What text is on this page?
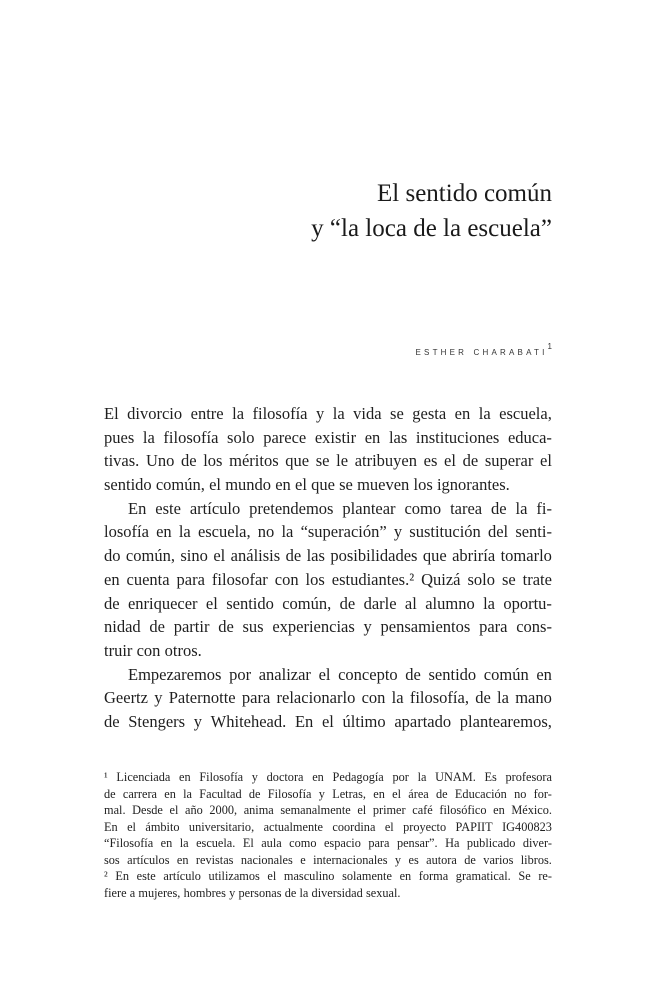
El sentido común
y “la loca de la escuela”
esther charabati$^1$
El divorcio entre la filosofía y la vida se gesta en la escuela,
pues la filosofía solo parece existir en las instituciones educa-
tivas. Uno de los méritos que se le atribuyen es el de superar el
sentido común, el mundo en el que se mueven los ignorantes.
En este artículo pretendemos plantear como tarea de la fi-
losofía en la escuela, no la “superación” y sustitución del senti-
do común, sino el análisis de las posibilidades que abriría tomarlo
en cuenta para filosofar con los estudiantes.² Quizá solo se trate
de enriquecer el sentido común, de darle al alumno la oportu-
nidad de partir de sus experiencias y pensamientos para cons-
truir con otros.
Empezaremos por analizar el concepto de sentido común en
Geertz y Paternotte para relacionarlo con la filosofía, de la mano
de Stengers y Whitehead. En el último apartado plantearemos,
¹ Licenciada en Filosofía y doctora en Pedagogía por la UNAM. Es profesora
de carrera en la Facultad de Filosofía y Letras, en el área de Educación no for-
mal. Desde el año 2000, anima semanalmente el primer café filosófico en México.
En el ámbito universitario, actualmente coordina el proyecto PAPIIT IG400823
“Filosofía en la escuela. El aula como espacio para pensar”. Ha publicado diver-
sos artículos en revistas nacionales e internacionales y es autora de varios libros.
² En este artículo utilizamos el masculino solamente en forma gramatical. Se re-
fiere a mujeres, hombres y personas de la diversidad sexual.
